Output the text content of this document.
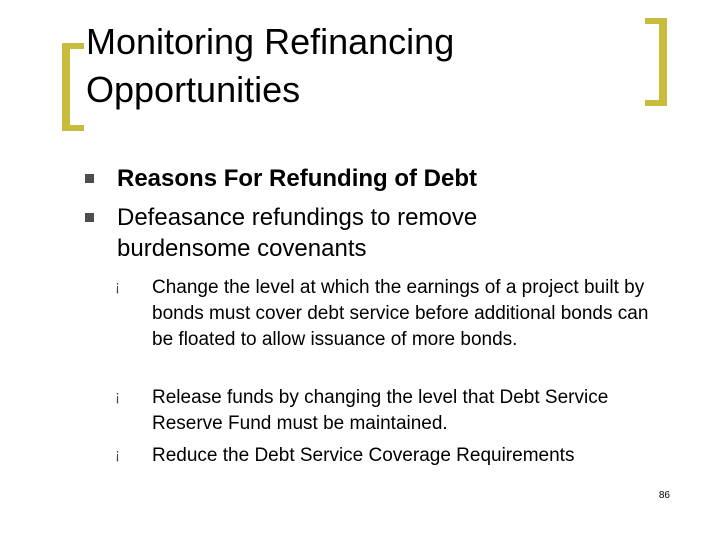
Monitoring Refinancing Opportunities
Reasons For Refunding of Debt
Defeasance refundings to remove burdensome covenants
¡ Change the level at which the earnings of a project built by bonds must cover debt service before additional bonds can be floated to allow issuance of more bonds.
¡ Release funds by changing the level that Debt Service Reserve Fund must be maintained.
¡ Reduce the Debt Service Coverage Requirements
86
